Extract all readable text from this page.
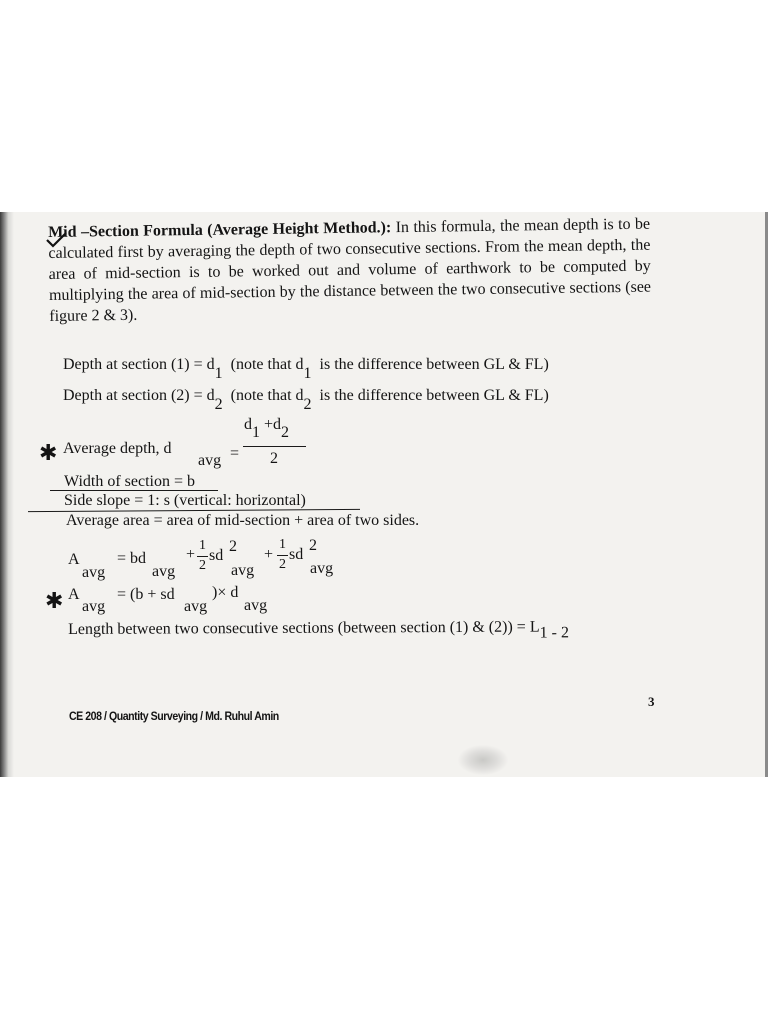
Mid –Section Formula (Average Height Method.): In this formula, the mean depth is to be calculated first by averaging the depth of two consecutive sections. From the mean depth, the area of mid-section is to be worked out and volume of earthwork to be computed by multiplying the area of mid-section by the distance between the two consecutive sections (see figure 2 & 3).
Depth at section (1) = d1  (note that d1  is the difference between GL & FL)
Depth at section (2) = d2  (note that d2  is the difference between GL & FL)
✱ Average depth, d
avg =
d1 +d2
2
Width of section = b
Side slope = 1: s (vertical: horizontal)
Average area = area of mid-section + area of two sides.
A
avg
= bd
avg
+
1
2
sd
2
avg
+
1
2
sd
2
avg
✱ A
avg
= (b + sd
avg
)× d
avg
Length between two consecutive sections (between section (1) & (2)) = L1 - 2
3
CE 208 / Quantity Surveying / Md. Ruhul Amin
